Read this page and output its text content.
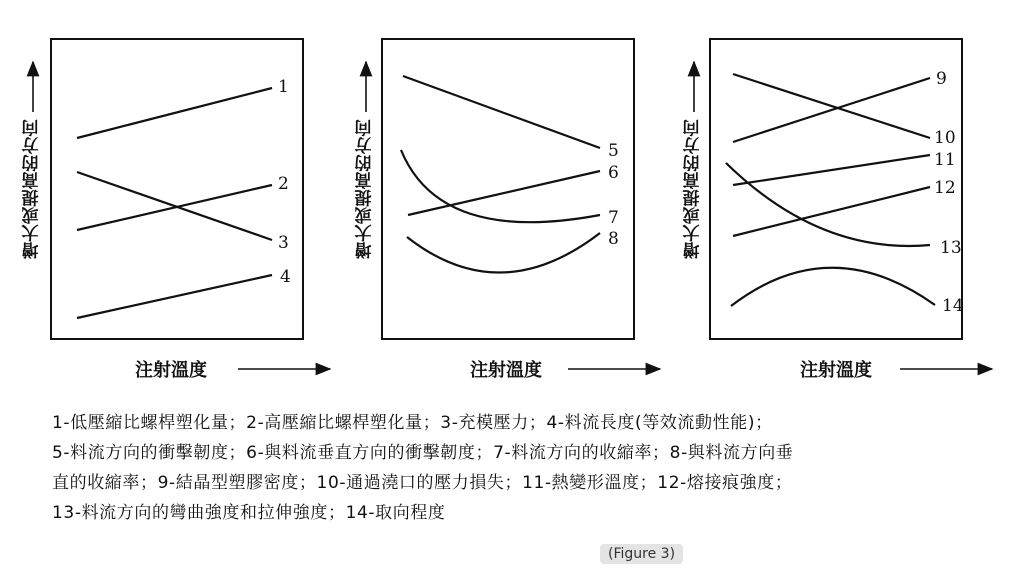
增大或提高的方向	增大或提高的方向	增大或提高的方向
注射溫度	注射溫度	注射溫度
1
2
3
4
5
6
7
8
9
10
11
12
13
14
1-低壓縮比螺桿塑化量；2-高壓縮比螺桿塑化量；3-充模壓力；4-料流長度(等效流動性能)；
5-料流方向的衝擊韌度；6-與料流垂直方向的衝擊韌度；7-料流方向的收縮率；8-與料流方向垂
直的收縮率；9-結晶型塑膠密度；10-通過澆口的壓力損失；11-熱變形溫度；12-熔接痕強度；
13-料流方向的彎曲強度和拉伸強度；14-取向程度
(Figure 3)
